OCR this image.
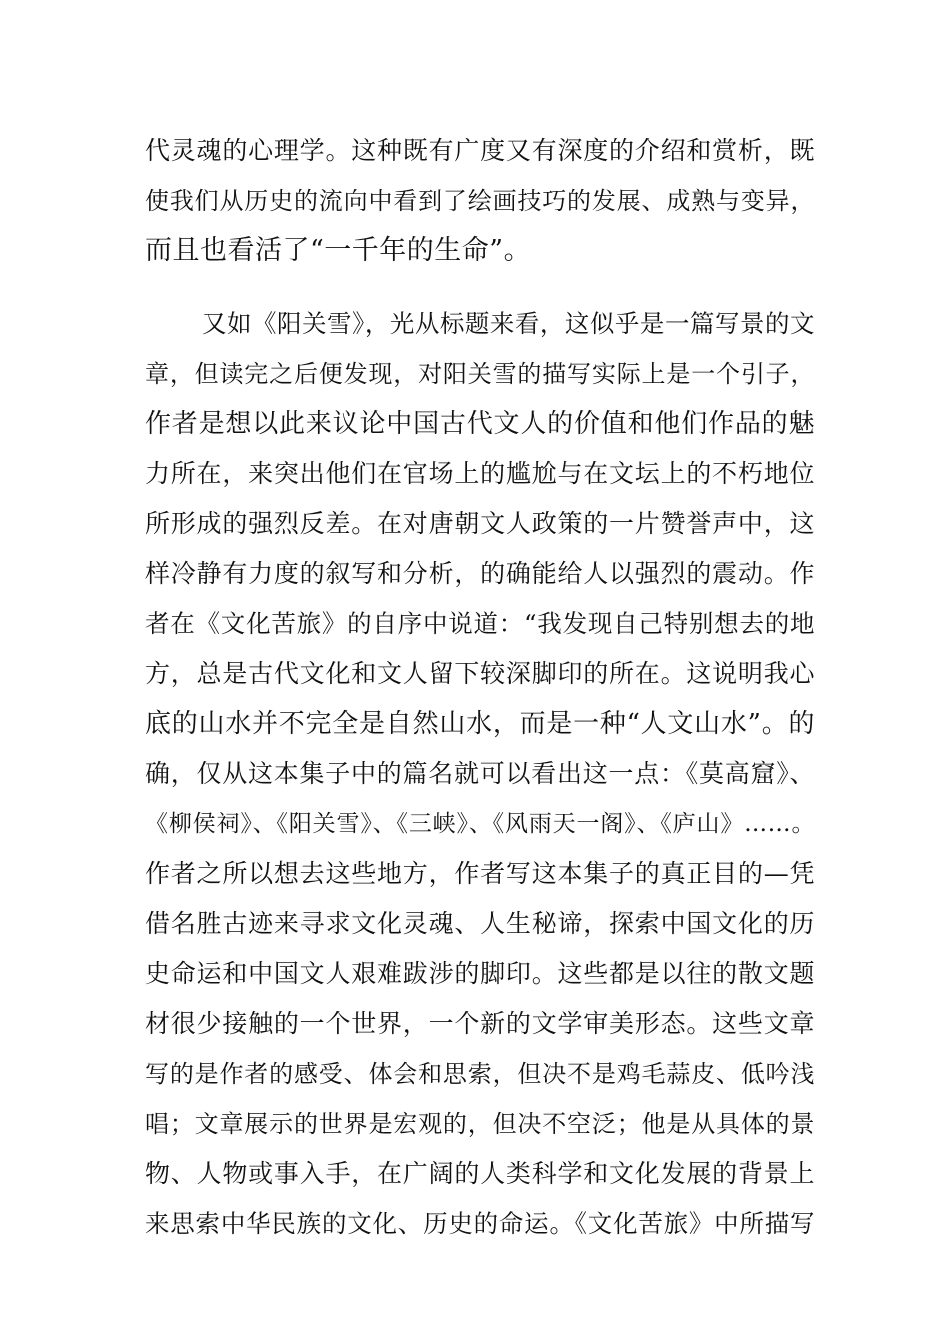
代灵魂的心理学。这种既有广度又有深度的介绍和赏析，既
使我们从历史的流向中看到了绘画技巧的发展、成熟与变异，
而且也看活了“一千年的生命”。
又如《阳关雪》，光从标题来看，这似乎是一篇写景的文
章，但读完之后便发现，对阳关雪的描写实际上是一个引子，
作者是想以此来议论中国古代文人的价值和他们作品的魅
力所在，来突出他们在官场上的尴尬与在文坛上的不朽地位
所形成的强烈反差。在对唐朝文人政策的一片赞誉声中，这
样冷静有力度的叙写和分析，的确能给人以强烈的震动。作
者在《文化苦旅》的自序中说道：“我发现自己特别想去的地
方，总是古代文化和文人留下较深脚印的所在。这说明我心
底的山水并不完全是自然山水，而是一种“人文山水”。的
确，仅从这本集子中的篇名就可以看出这一点：《莫高窟》、
《柳侯祠》、《阳关雪》、《三峡》、《风雨天一阁》、《庐山》……。
作者之所以想去这些地方，作者写这本集子的真正目的—凭
借名胜古迹来寻求文化灵魂、人生秘谛，探索中国文化的历
史命运和中国文人艰难跋涉的脚印。这些都是以往的散文题
材很少接触的一个世界，一个新的文学审美形态。这些文章
写的是作者的感受、体会和思索，但决不是鸡毛蒜皮、低吟浅
唱；文章展示的世界是宏观的，但决不空泛；他是从具体的景
物、人物或事入手，在广阔的人类科学和文化发展的背景上
来思索中华民族的文化、历史的命运。《文化苦旅》中所描写
